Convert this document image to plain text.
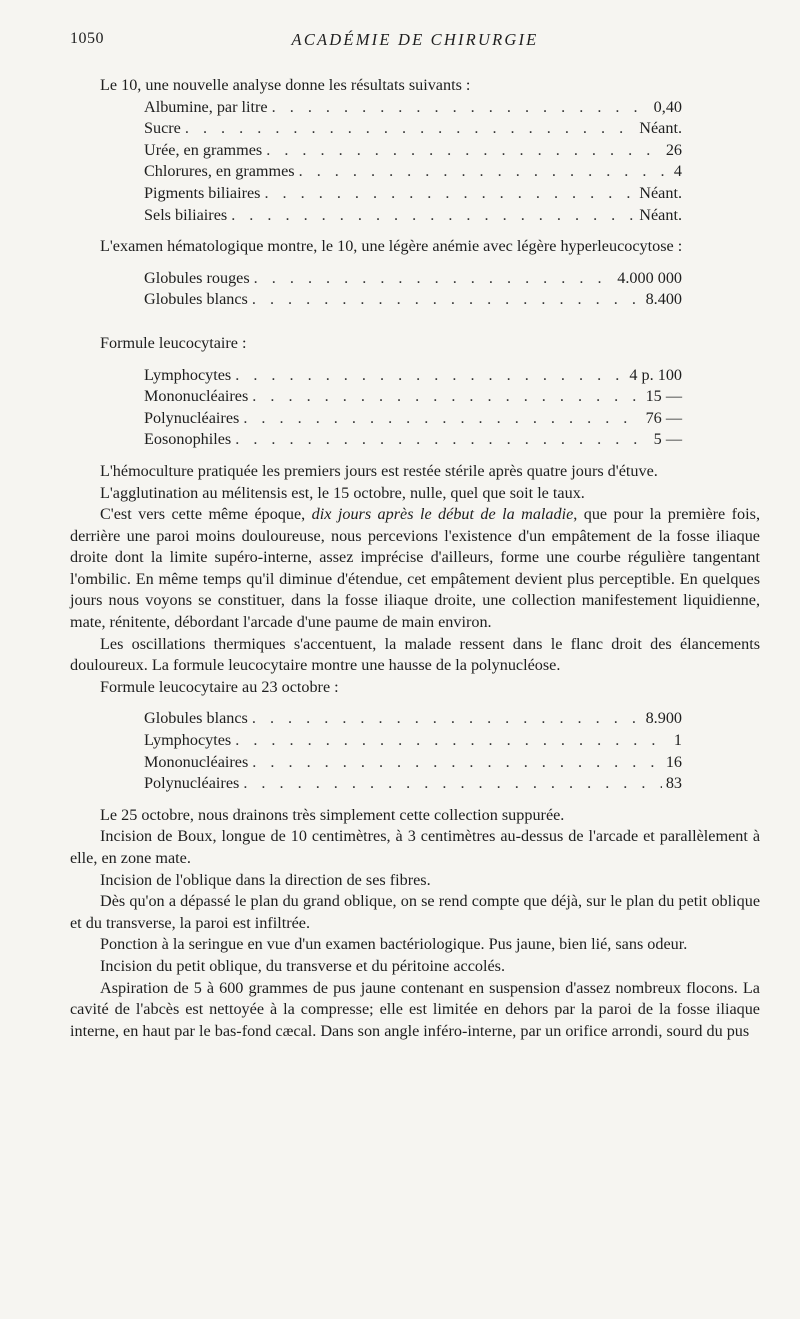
1050	ACADÉMIE DE CHIRURGIE

Le 10, une nouvelle analyse donne les résultats suivants :

Albumine, par litre . . .	0,40
Sucre . . .	Néant.
Urée, en grammes . . .	26
Chlorures, en grammes . . .	4
Pigments biliaires . . .	Néant.
Sels biliaires . . .	Néant.

L'examen hématologique montre, le 10, une légère anémie avec légère hyperleucocytose :

Globules rouges . . .	4.000 000
Globules blancs . . .	8.400

Formule leucocytaire :

Lymphocytes . . .	4 p. 100
Mononucléaires . . .	15 —
Polynucléaires . . .	76 —
Eosonophiles . . .	5 —

L'hémoculture pratiquée les premiers jours est restée stérile après quatre jours d'étuve.

L'agglutination au mélitensis est, le 15 octobre, nulle, quel que soit le taux.

C'est vers cette même époque, dix jours après le début de la maladie, que pour la première fois, derrière une paroi moins douloureuse, nous percevions l'existence d'un empâtement de la fosse iliaque droite dont la limite supéro-interne, assez imprécise d'ailleurs, forme une courbe régulière tangentant l'ombilic. En même temps qu'il diminue d'étendue, cet empâtement devient plus perceptible. En quelques jours nous voyons se constituer, dans la fosse iliaque droite, une collection manifestement liquidienne, mate, rénitente, débordant l'arcade d'une paume de main environ.

Les oscillations thermiques s'accentuent, la malade ressent dans le flanc droit des élancements douloureux. La formule leucocytaire montre une hausse de la polynucléose.

Formule leucocytaire au 23 octobre :

Globules blancs . . .	8.900
Lymphocytes . . .	1
Mononucléaires . . .	16
Polynucléaires . . .	83

Le 25 octobre, nous drainons très simplement cette collection suppurée.

Incision de Boux, longue de 10 centimètres, à 3 centimètres au-dessus de l'arcade et parallèlement à elle, en zone mate.

Incision de l'oblique dans la direction de ses fibres.

Dès qu'on a dépassé le plan du grand oblique, on se rend compte que déjà, sur le plan du petit oblique et du transverse, la paroi est infiltrée.

Ponction à la seringue en vue d'un examen bactériologique. Pus jaune, bien lié, sans odeur.

Incision du petit oblique, du transverse et du péritoine accolés.

Aspiration de 5 à 600 grammes de pus jaune contenant en suspension d'assez nombreux flocons. La cavité de l'abcès est nettoyée à la compresse; elle est limitée en dehors par la paroi de la fosse iliaque interne, en haut par le bas-fond cæcal. Dans son angle inféro-interne, par un orifice arrondi, sourd du pus
